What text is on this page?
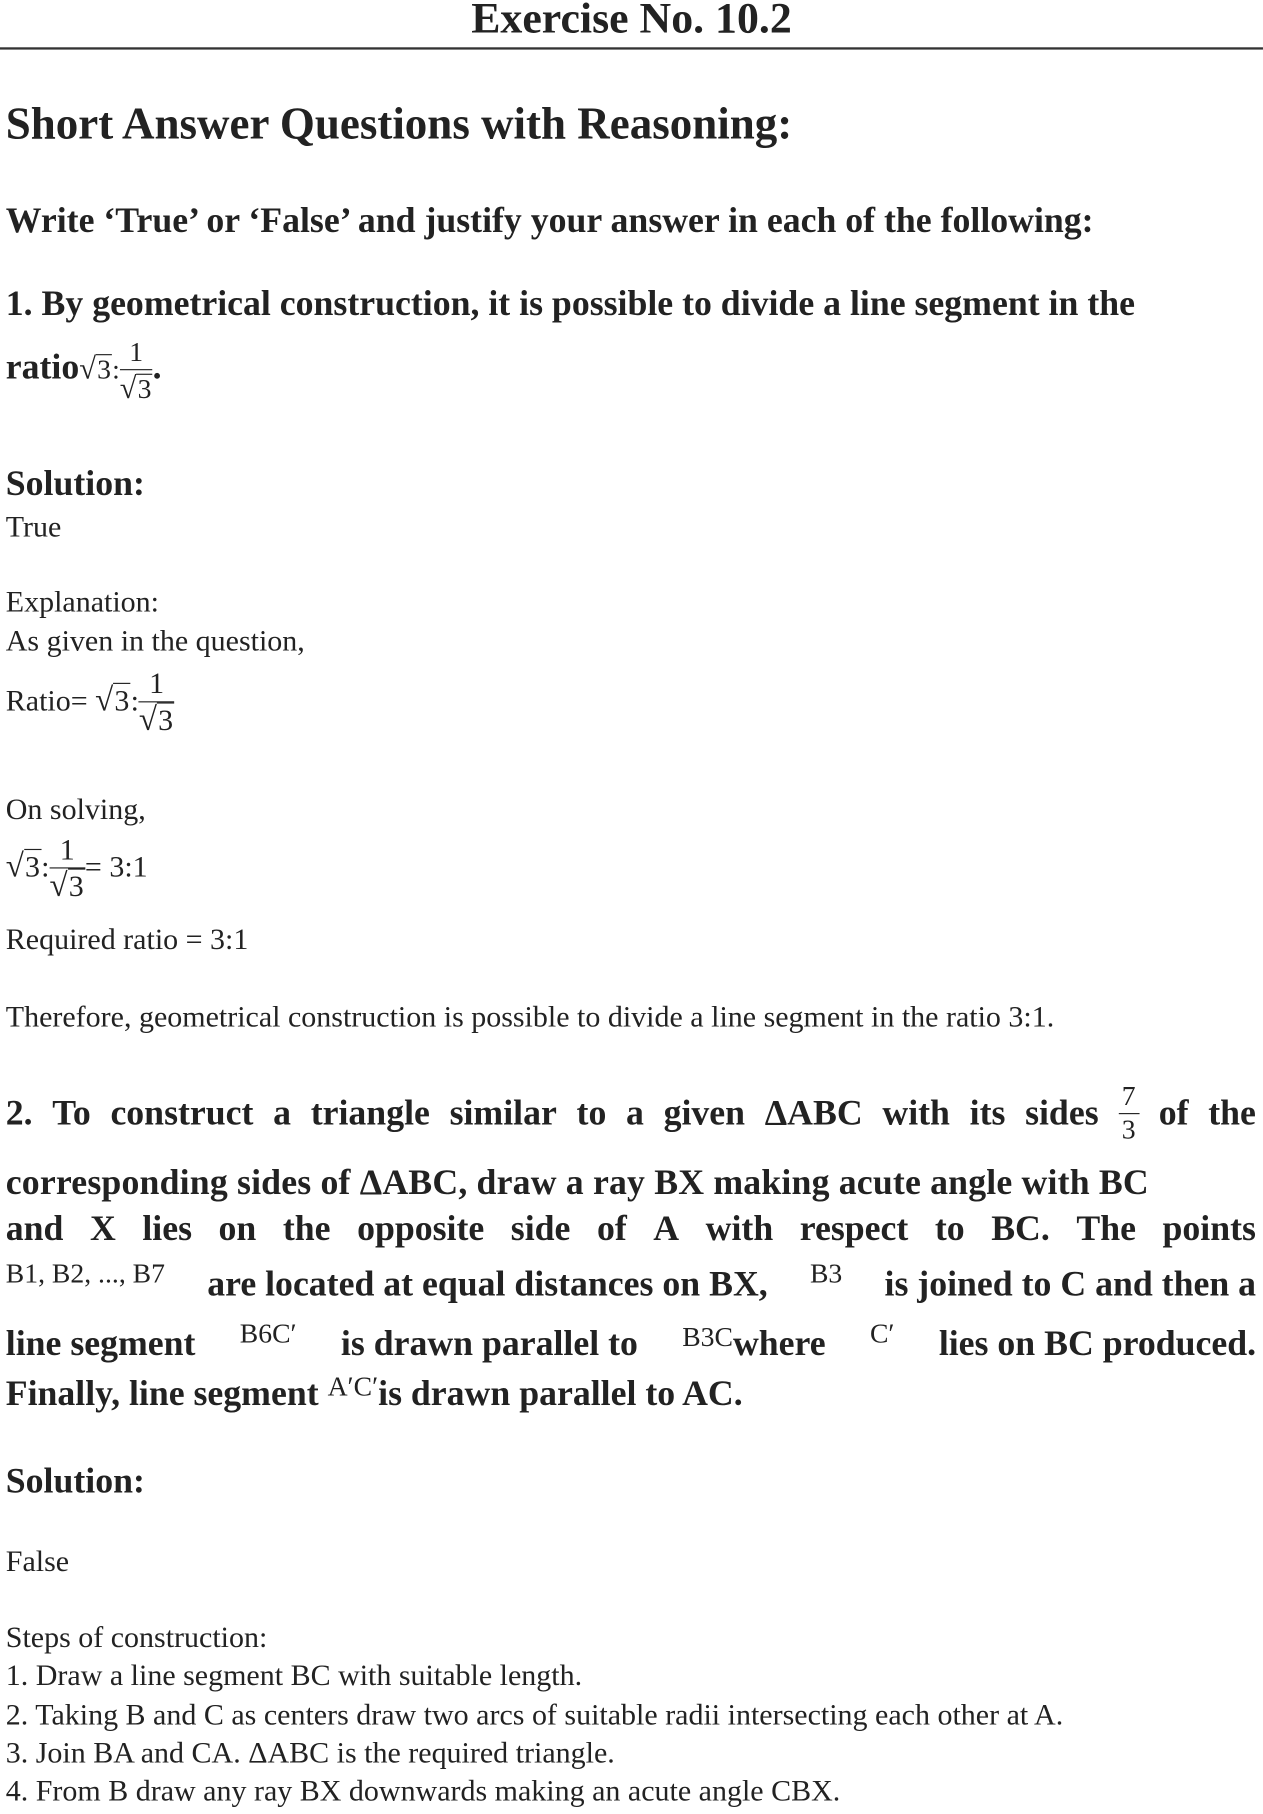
Exercise No. 10.2
Short Answer Questions with Reasoning:
Write ‘True’ or ‘False’ and justify your answer in each of the following:
1. By geometrical construction, it is possible to divide a line segment in the
ratio√3: $\frac{1}{√3}$ .
Solution:
True
Explanation:
As given in the question,
Ratio= √3: $\frac{1}{√3}$
On solving,
√3: $\frac{1}{√3}$ = 3:1
Required ratio = 3:1
Therefore, geometrical construction is possible to divide a line segment in the ratio 3:1.
2. To construct a triangle similar to a given ΔABC with its sides $\frac{7}{3}$ of the
corresponding sides of ΔABC, draw a ray BX making acute angle with BC
and X lies on the opposite side of A with respect to BC. The points
B1, B2, ..., B7 are located at equal distances on BX, B3 is joined to C and then a
line segment B6C′ is drawn parallel to $^{B3C}$where C′ lies on BC produced.
Finally, line segment $^{A'C'}$is drawn parallel to AC.
Solution:
False
Steps of construction:
1. Draw a line segment BC with suitable length.
2. Taking B and C as centers draw two arcs of suitable radii intersecting each other at A.
3. Join BA and CA. ΔABC is the required triangle.
4. From B draw any ray BX downwards making an acute angle CBX.
